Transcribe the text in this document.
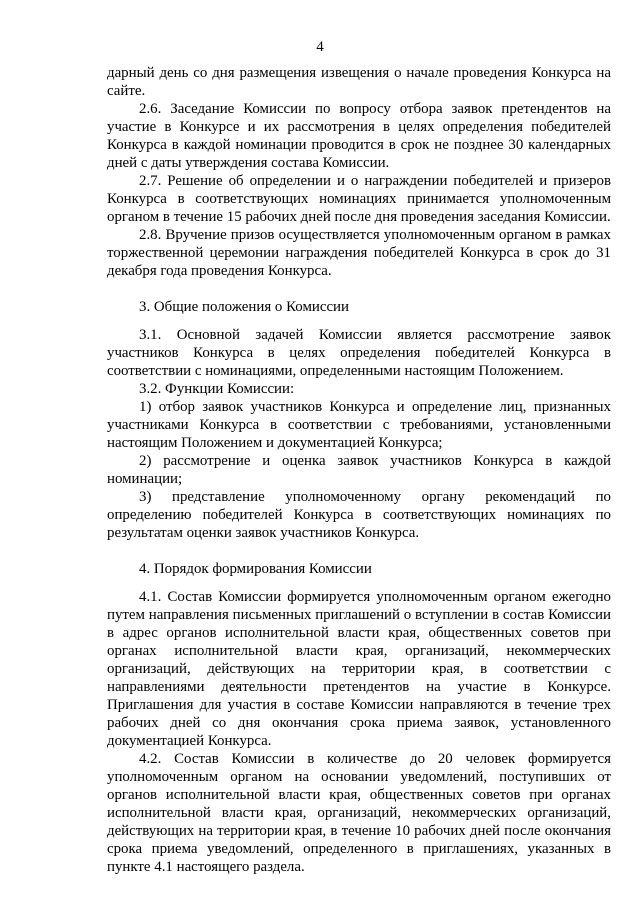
4

дарный день со дня размещения извещения о начале проведения Конкурса на сайте.

2.6. Заседание Комиссии по вопросу отбора заявок претендентов на участие в Конкурсе и их рассмотрения в целях определения победителей Конкурса в каждой номинации проводится в срок не позднее 30 календарных дней с даты утверждения состава Комиссии.

2.7. Решение об определении и о награждении победителей и призеров Конкурса в соответствующих номинациях принимается уполномоченным органом в течение 15 рабочих дней после дня проведения заседания Комиссии.

2.8. Вручение призов осуществляется уполномоченным органом в рамках торжественной церемонии награждения победителей Конкурса в срок до 31 декабря года проведения Конкурса.

3. Общие положения о Комиссии

3.1. Основной задачей Комиссии является рассмотрение заявок участников Конкурса в целях определения победителей Конкурса в соответствии с номинациями, определенными настоящим Положением.

3.2. Функции Комиссии:

1) отбор заявок участников Конкурса и определение лиц, признанных участниками Конкурса в соответствии с требованиями, установленными настоящим Положением и документацией Конкурса;

2) рассмотрение и оценка заявок участников Конкурса в каждой номинации;

3) представление уполномоченному органу рекомендаций по определению победителей Конкурса в соответствующих номинациях по результатам оценки заявок участников Конкурса.

4. Порядок формирования Комиссии

4.1. Состав Комиссии формируется уполномоченным органом ежегодно путем направления письменных приглашений о вступлении в состав Комиссии в адрес органов исполнительной власти края, общественных советов при органах исполнительной власти края, организаций, некоммерческих организаций, действующих на территории края, в соответствии с направлениями деятельности претендентов на участие в Конкурсе. Приглашения для участия в составе Комиссии направляются в течение трех рабочих дней со дня окончания срока приема заявок, установленного документацией Конкурса.

4.2. Состав Комиссии в количестве до 20 человек формируется уполномоченным органом на основании уведомлений, поступивших от органов исполнительной власти края, общественных советов при органах исполнительной власти края, организаций, некоммерческих организаций, действующих на территории края, в течение 10 рабочих дней после окончания срока приема уведомлений, определенного в приглашениях, указанных в пункте 4.1 настоящего раздела.
